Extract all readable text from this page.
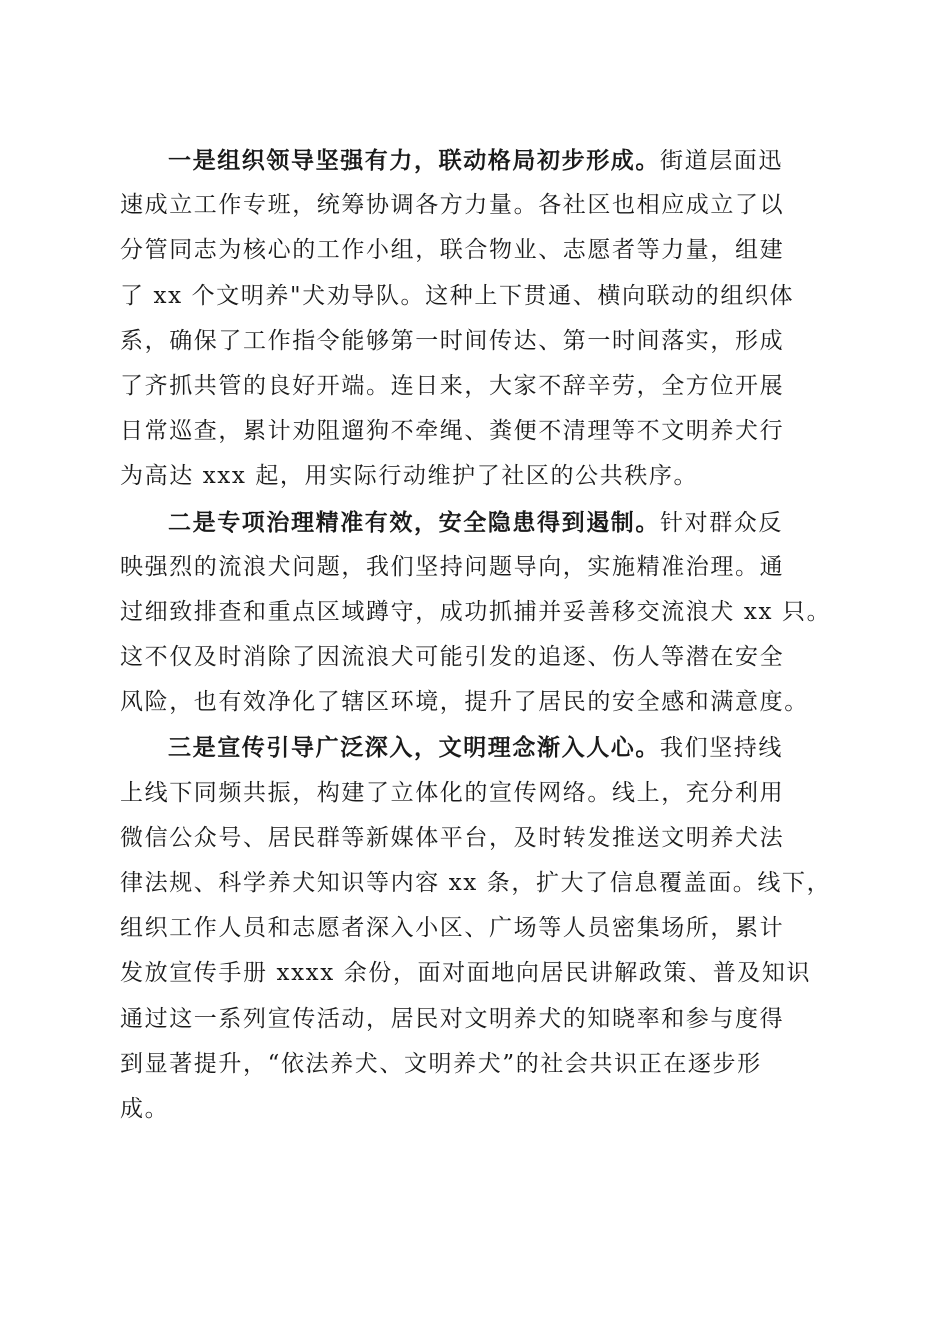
一是组织领导坚强有力，联动格局初步形成。街道层面迅
速成立工作专班，统筹协调各方力量。各社区也相应成立了以
分管同志为核心的工作小组，联合物业、志愿者等力量，组建
了 xx 个文明养"犬劝导队。这种上下贯通、横向联动的组织体
系，确保了工作指令能够第一时间传达、第一时间落实，形成
了齐抓共管的良好开端。连日来，大家不辞辛劳，全方位开展
日常巡查，累计劝阻遛狗不牵绳、粪便不清理等不文明养犬行
为高达 xxx 起，用实际行动维护了社区的公共秩序。
二是专项治理精准有效，安全隐患得到遏制。针对群众反
映强烈的流浪犬问题，我们坚持问题导向，实施精准治理。通
过细致排查和重点区域蹲守，成功抓捕并妥善移交流浪犬 xx 只。
这不仅及时消除了因流浪犬可能引发的追逐、伤人等潜在安全
风险，也有效净化了辖区环境，提升了居民的安全感和满意度。
三是宣传引导广泛深入，文明理念渐入人心。我们坚持线
上线下同频共振，构建了立体化的宣传网络。线上，充分利用
微信公众号、居民群等新媒体平台，及时转发推送文明养犬法
律法规、科学养犬知识等内容 xx 条，扩大了信息覆盖面。线下，
组织工作人员和志愿者深入小区、广场等人员密集场所，累计
发放宣传手册 xxxx 余份，面对面地向居民讲解政策、普及知识
通过这一系列宣传活动，居民对文明养犬的知晓率和参与度得
到显著提升，“依法养犬、文明养犬”的社会共识正在逐步形
成。
